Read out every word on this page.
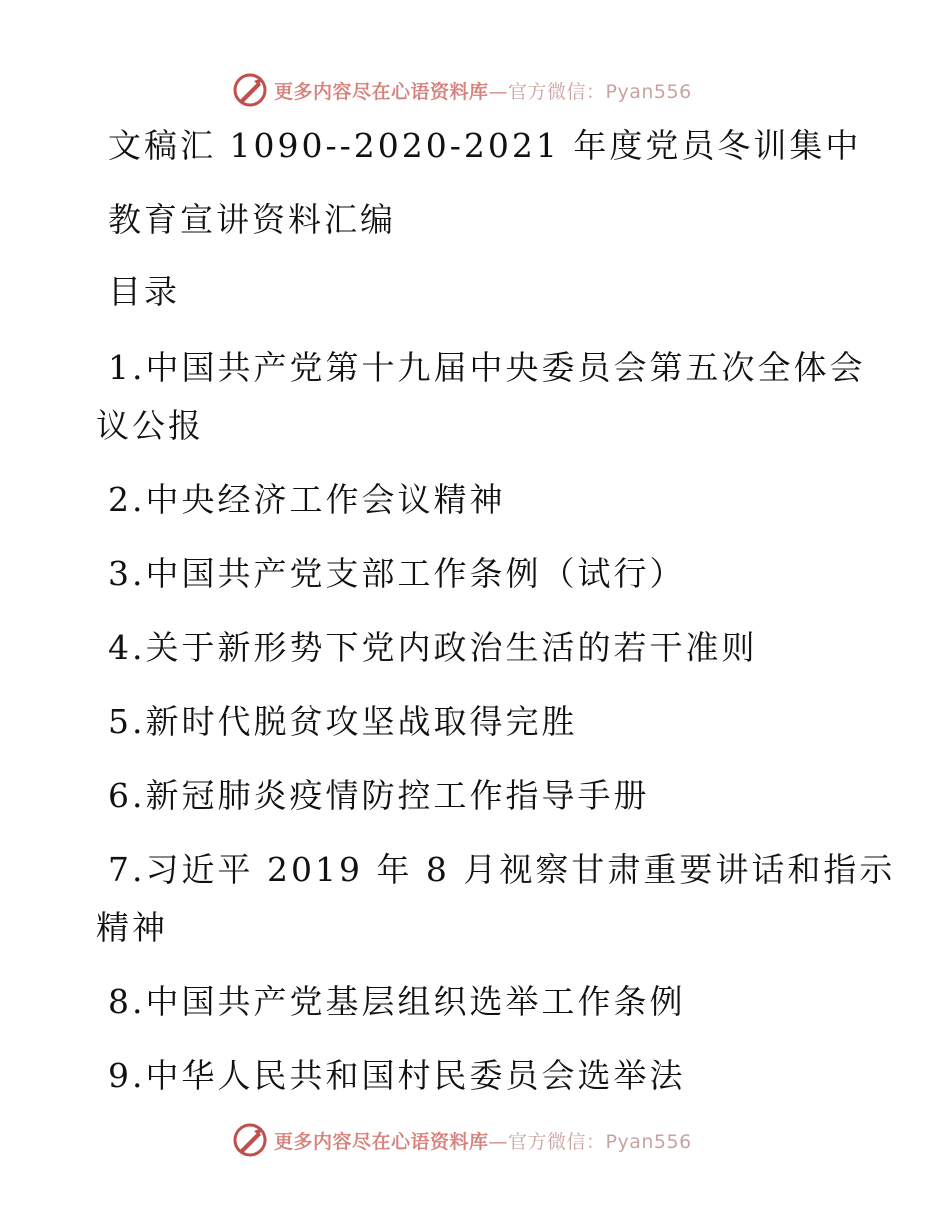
更多内容尽在心语资料库—官方微信：Pyan556
文稿汇 1090--2020-2021 年度党员冬训集中
教育宣讲资料汇编
目录
1.中国共产党第十九届中央委员会第五次全体会
议公报
2.中央经济工作会议精神
3.中国共产党支部工作条例（试行）
4.关于新形势下党内政治生活的若干准则
5.新时代脱贫攻坚战取得完胜
6.新冠肺炎疫情防控工作指导手册
7.习近平 2019 年 8 月视察甘肃重要讲话和指示
精神
8.中国共产党基层组织选举工作条例
9.中华人民共和国村民委员会选举法
更多内容尽在心语资料库—官方微信：Pyan556
